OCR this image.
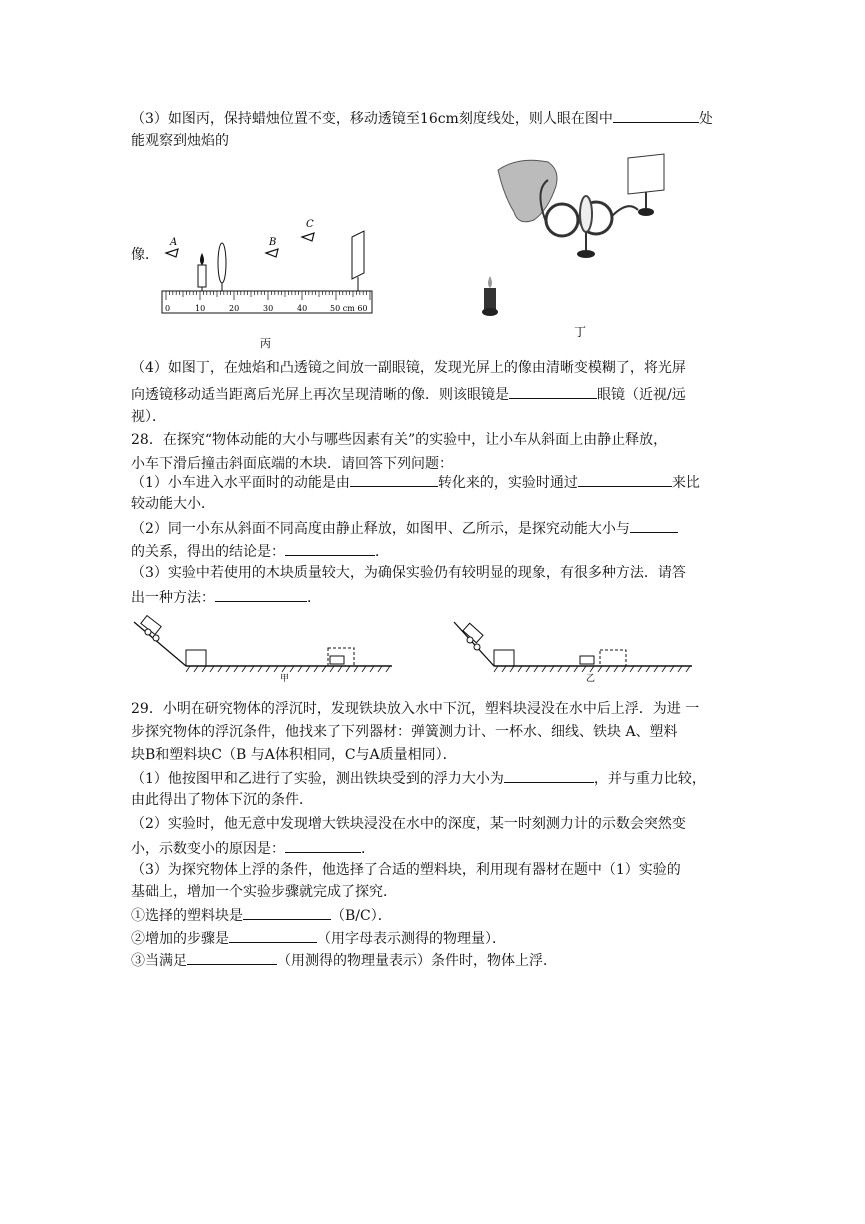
（3）如图丙，保持蜡烛位置不变，移动透镜至16cm刻度线处，则人眼在图中	处
能观察到烛焰的
A	B
C
0	10	20	30	40	50 cm 60
丙
像．
丁
（4）如图丁，在烛焰和凸透镜之间放一副眼镜，发现光屏上的像由清晰变模糊了，将光屏
向透镜移动适当距离后光屏上再次呈现清晰的像．则该眼镜是	眼镜（近视/远
视）．
28．在探究“物体动能的大小与哪些因素有关”的实验中，让小车从斜面上由静止释放，
小车下滑后撞击斜面底端的木块．请回答下列问题：
（1）小车进入水平面时的动能是由	转化来的，实验时通过	来比
较动能大小．
（2）同一小东从斜面不同高度由静止释放，如图甲、乙所示，是探究动能大小与
的关系，得出的结论是：	．
（3）实验中若使用的木块质量较大，为确保实验仍有较明显的现象，有很多种方法．请答
出一种方法：	．
甲	乙
29．小明在研究物体的浮沉时，发现铁块放入水中下沉，塑料块浸没在水中后上浮．为进 一
步探究物体的浮沉条件，他找来了下列器材：弹簧测力计、一杯水、细线、铁块 A、塑料
块B和塑料块C（B 与A体积相同，C与A质量相同）．
（1）他按图甲和乙进行了实验，测出铁块受到的浮力大小为	，并与重力比较，
由此得出了物体下沉的条件．
（2）实验时，他无意中发现增大铁块浸没在水中的深度，某一时刻测力计的示数会突然变
小，示数变小的原因是：	．
（3）为探究物体上浮的条件，他选择了合适的塑料块，利用现有器材在题中（1）实验的
基础上，增加一个实验步骤就完成了探究．
①选择的塑料块是	（B/C）．
②增加的步骤是	（用字母表示测得的物理量）．
③当满足	（用测得的物理量表示）条件时，物体上浮．
